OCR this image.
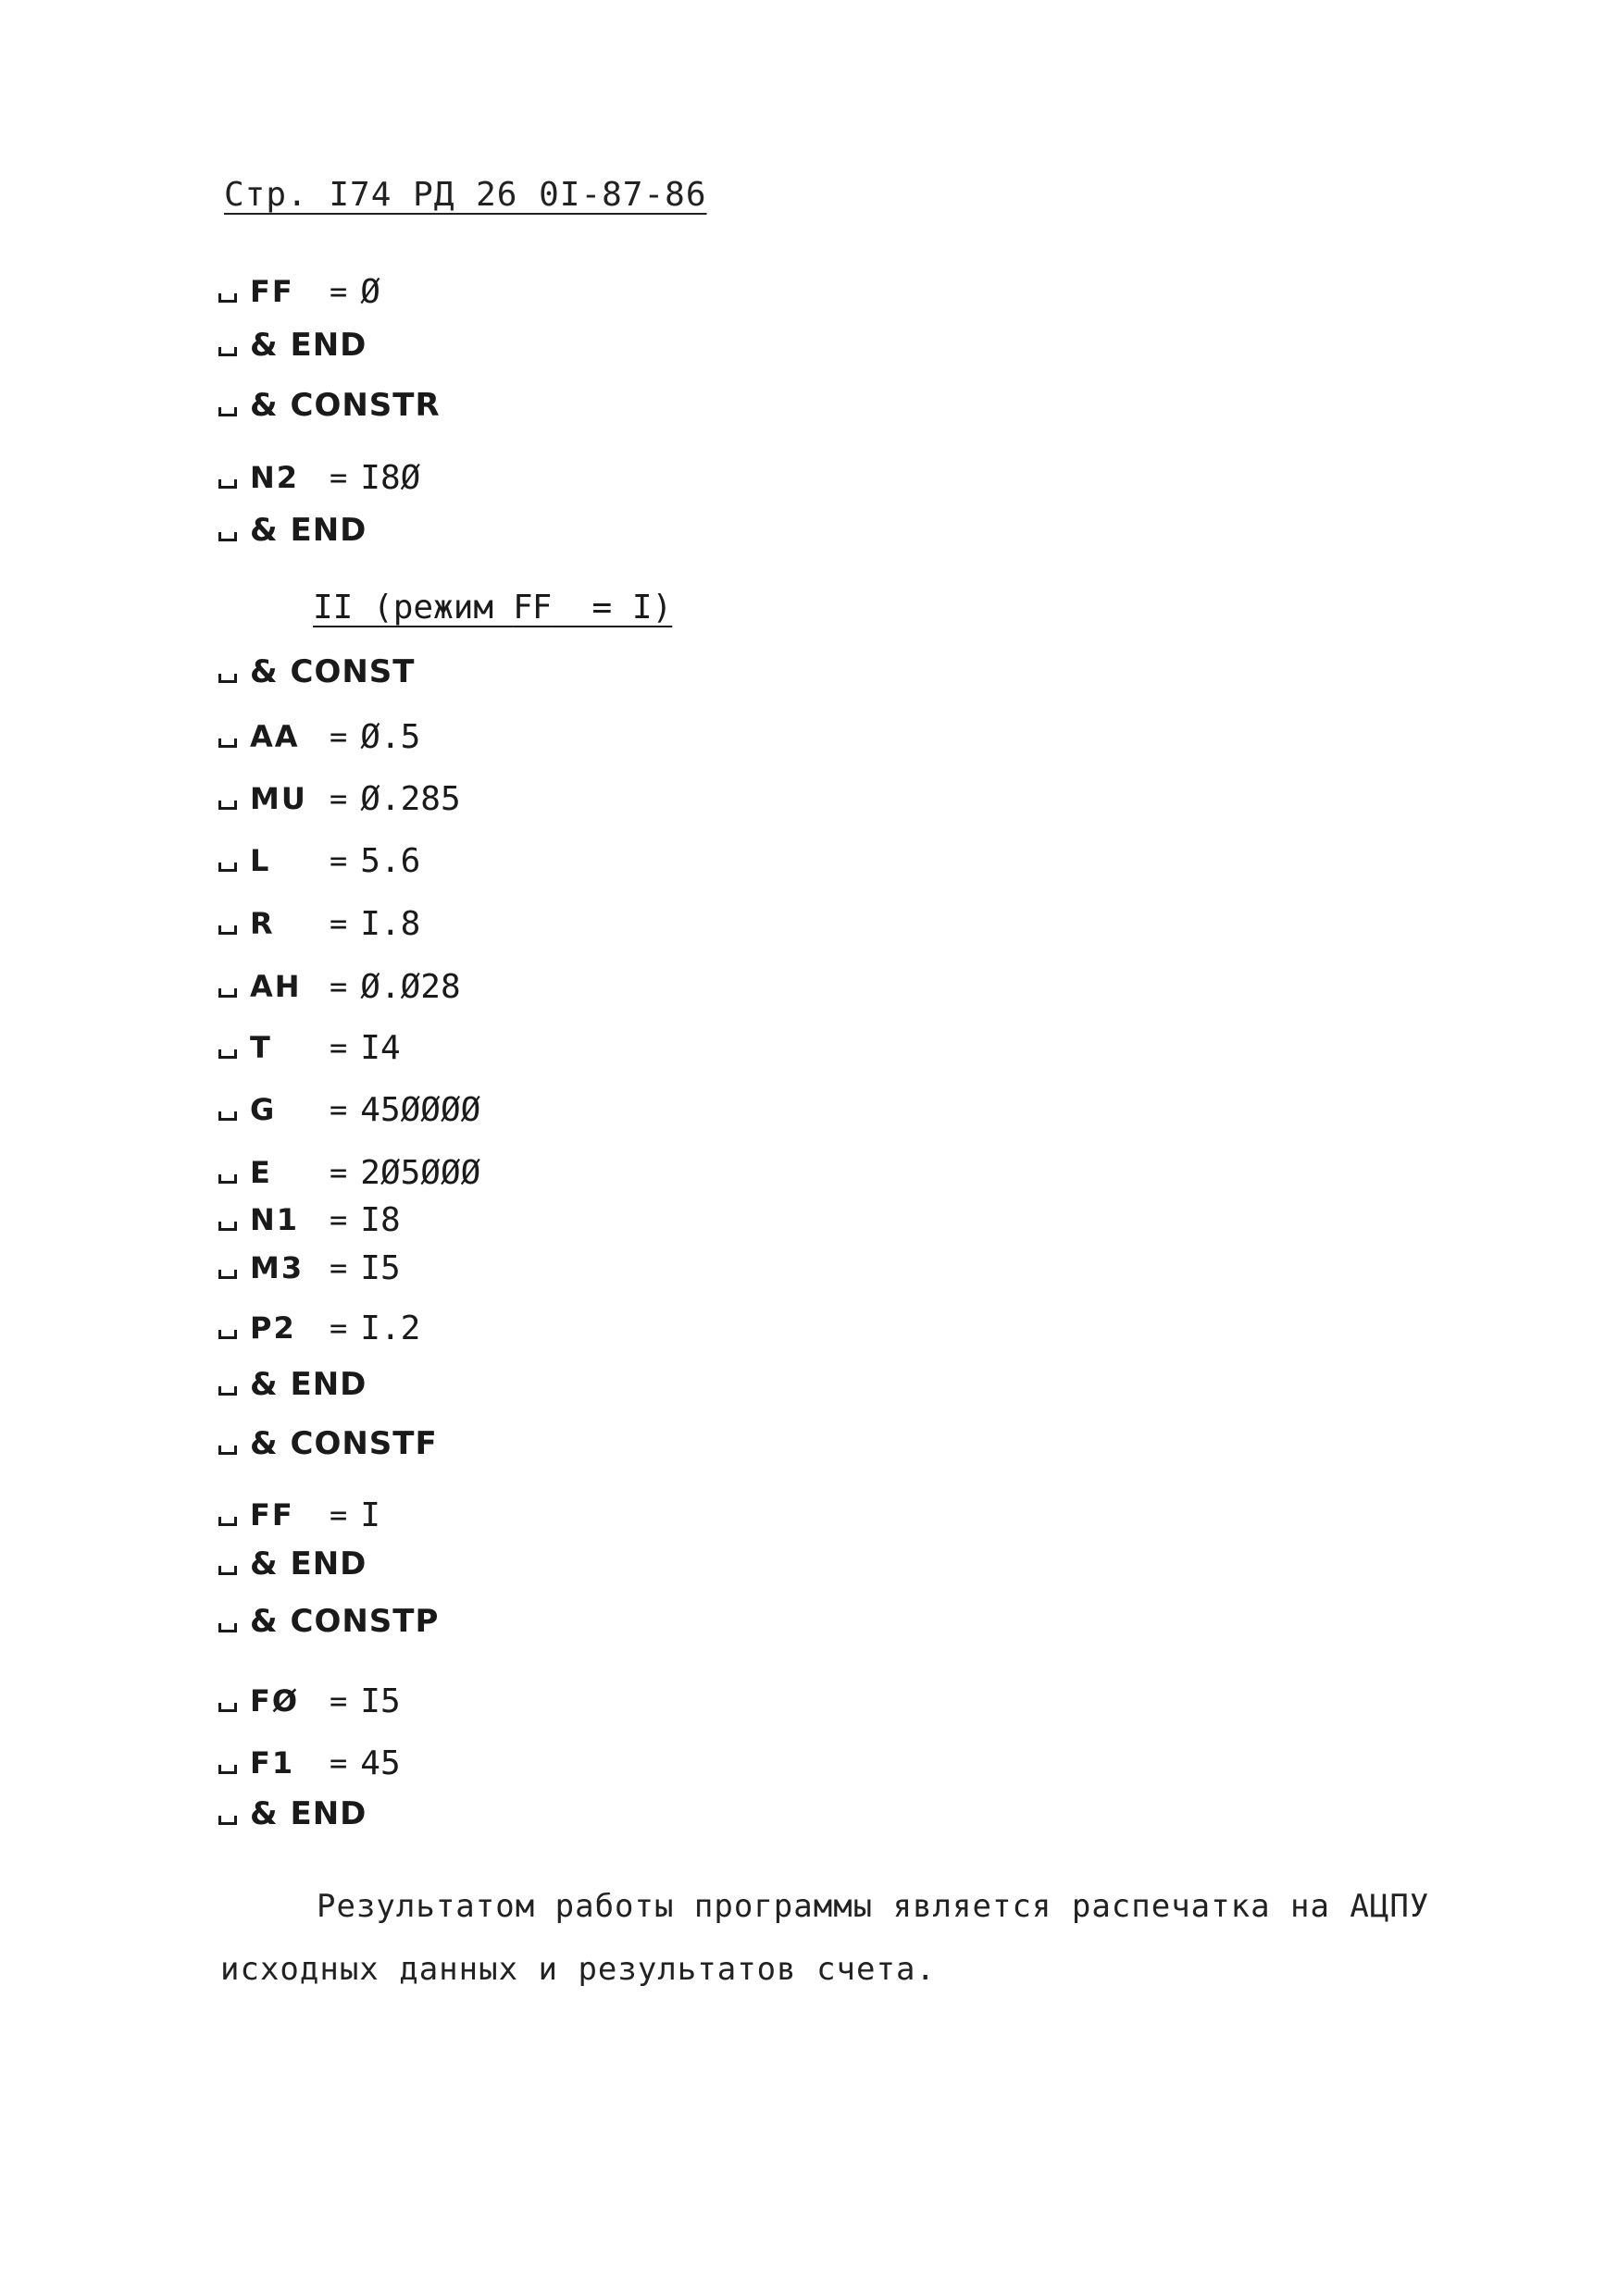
Стр. I74 РД 26 0I-87-86
FF	= Ø
& END
& CONSTR
N2	= I8Ø
& END
II (режим FF  = I)
& CONST
AA	= Ø.5
MU = Ø.285
L	= 5.6
R	= I.8
AH = Ø.Ø28
T	= I4
G	= 45ØØØØ
E	= 2Ø5ØØØ
N1	= I8
M3 = I5
P2	= I.2
& END
& CONSTF
FF	= I
& END
& CONSTP
FØ	= I5
F1	= 45
& END
Результатом работы программы является распечатка на АЦПУ
исходных данных и результатов счета.
